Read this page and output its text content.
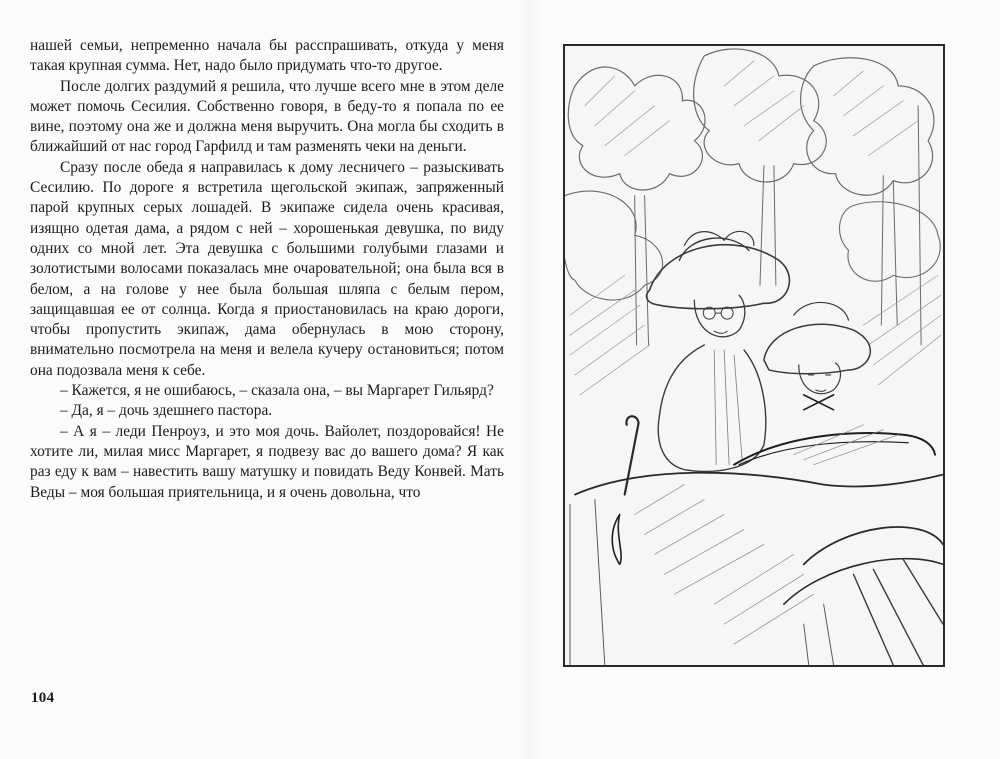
нашей семьи, непременно начала бы расспрашивать, откуда у меня такая крупная сумма. Нет, надо было придумать что-то другое.

После долгих раздумий я решила, что лучше всего мне в этом деле может помочь Сесилия. Собственно говоря, в беду-то я попала по ее вине, поэтому она же и должна меня выручить. Она могла бы сходить в ближайший от нас город Гарфилд и там разменять чеки на деньги.

Сразу после обеда я направилась к дому лесничего – разыскивать Сесилию. По дороге я встретила щегольской экипаж, запряженный парой крупных серых лошадей. В экипаже сидела очень красивая, изящно одетая дама, а рядом с ней – хорошенькая девушка, по виду одних со мной лет. Эта девушка с большими голубыми глазами и золотистыми волосами показалась мне очаровательной; она была вся в белом, а на голове у нее была большая шляпа с белым пером, защищавшая ее от солнца. Когда я приостановилась на краю дороги, чтобы пропустить экипаж, дама обернулась в мою сторону, внимательно посмотрела на меня и велела кучеру остановиться; потом она подозвала меня к себе.

– Кажется, я не ошибаюсь, – сказала она, – вы Маргарет Гильярд?

– Да, я – дочь здешнего пастора.

– А я – леди Пенроуз, и это моя дочь. Вайолет, поздоровайся! Не хотите ли, милая мисс Маргарет, я подвезу вас до вашего дома? Я как раз еду к вам – навестить вашу матушку и повидать Веду Конвей. Мать Веды – моя большая приятельница, и я очень довольна, что

104
